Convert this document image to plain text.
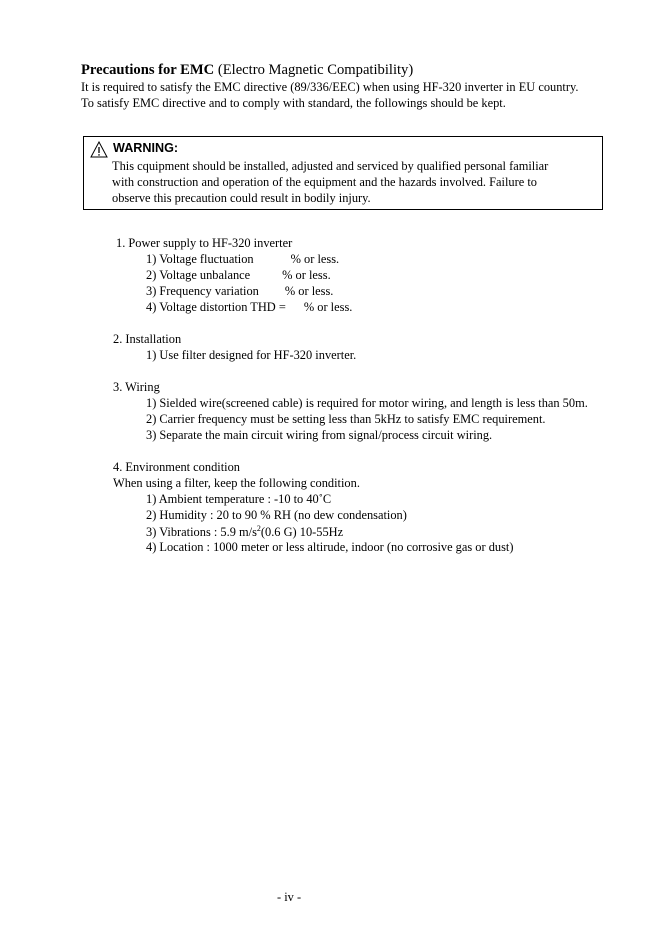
Precautions for EMC (Electro Magnetic Compatibility)
It is required to satisfy the EMC directive (89/336/EEC) when using HF-320 inverter in EU country.
To satisfy EMC directive and to comply with standard, the followings should be kept.
WARNING:
This cquipment should be installed, adjusted and serviced by qualified personal familiar
with construction and operation of the equipment and the hazards involved. Failure to
observe this precaution could result in bodily injury.
1. Power supply to HF-320 inverter
1) Voltage fluctuation	% or less.
2) Voltage unbalance	% or less.
3) Frequency variation % or less.
4) Voltage distortion THD = % or less.
2. Installation
1) Use filter designed for HF-320 inverter.
3. Wiring
1) Sielded wire(screened cable) is required for motor wiring, and length is less than 50m.
2) Carrier frequency must be setting less than 5kHz to satisfy EMC requirement.
3) Separate the main circuit wiring from signal/process circuit wiring.
4. Environment condition
When using a filter, keep the following condition.
1) Ambient temperature : -10 to 40˚C
2) Humidity : 20 to 90 % RH (no dew condensation)
3) Vibrations : 5.9 $m/s^2(0.6$ G) 10-55Hz
4) Location : 1000 meter or less altirude, indoor (no corrosive gas or dust)
- iv -
